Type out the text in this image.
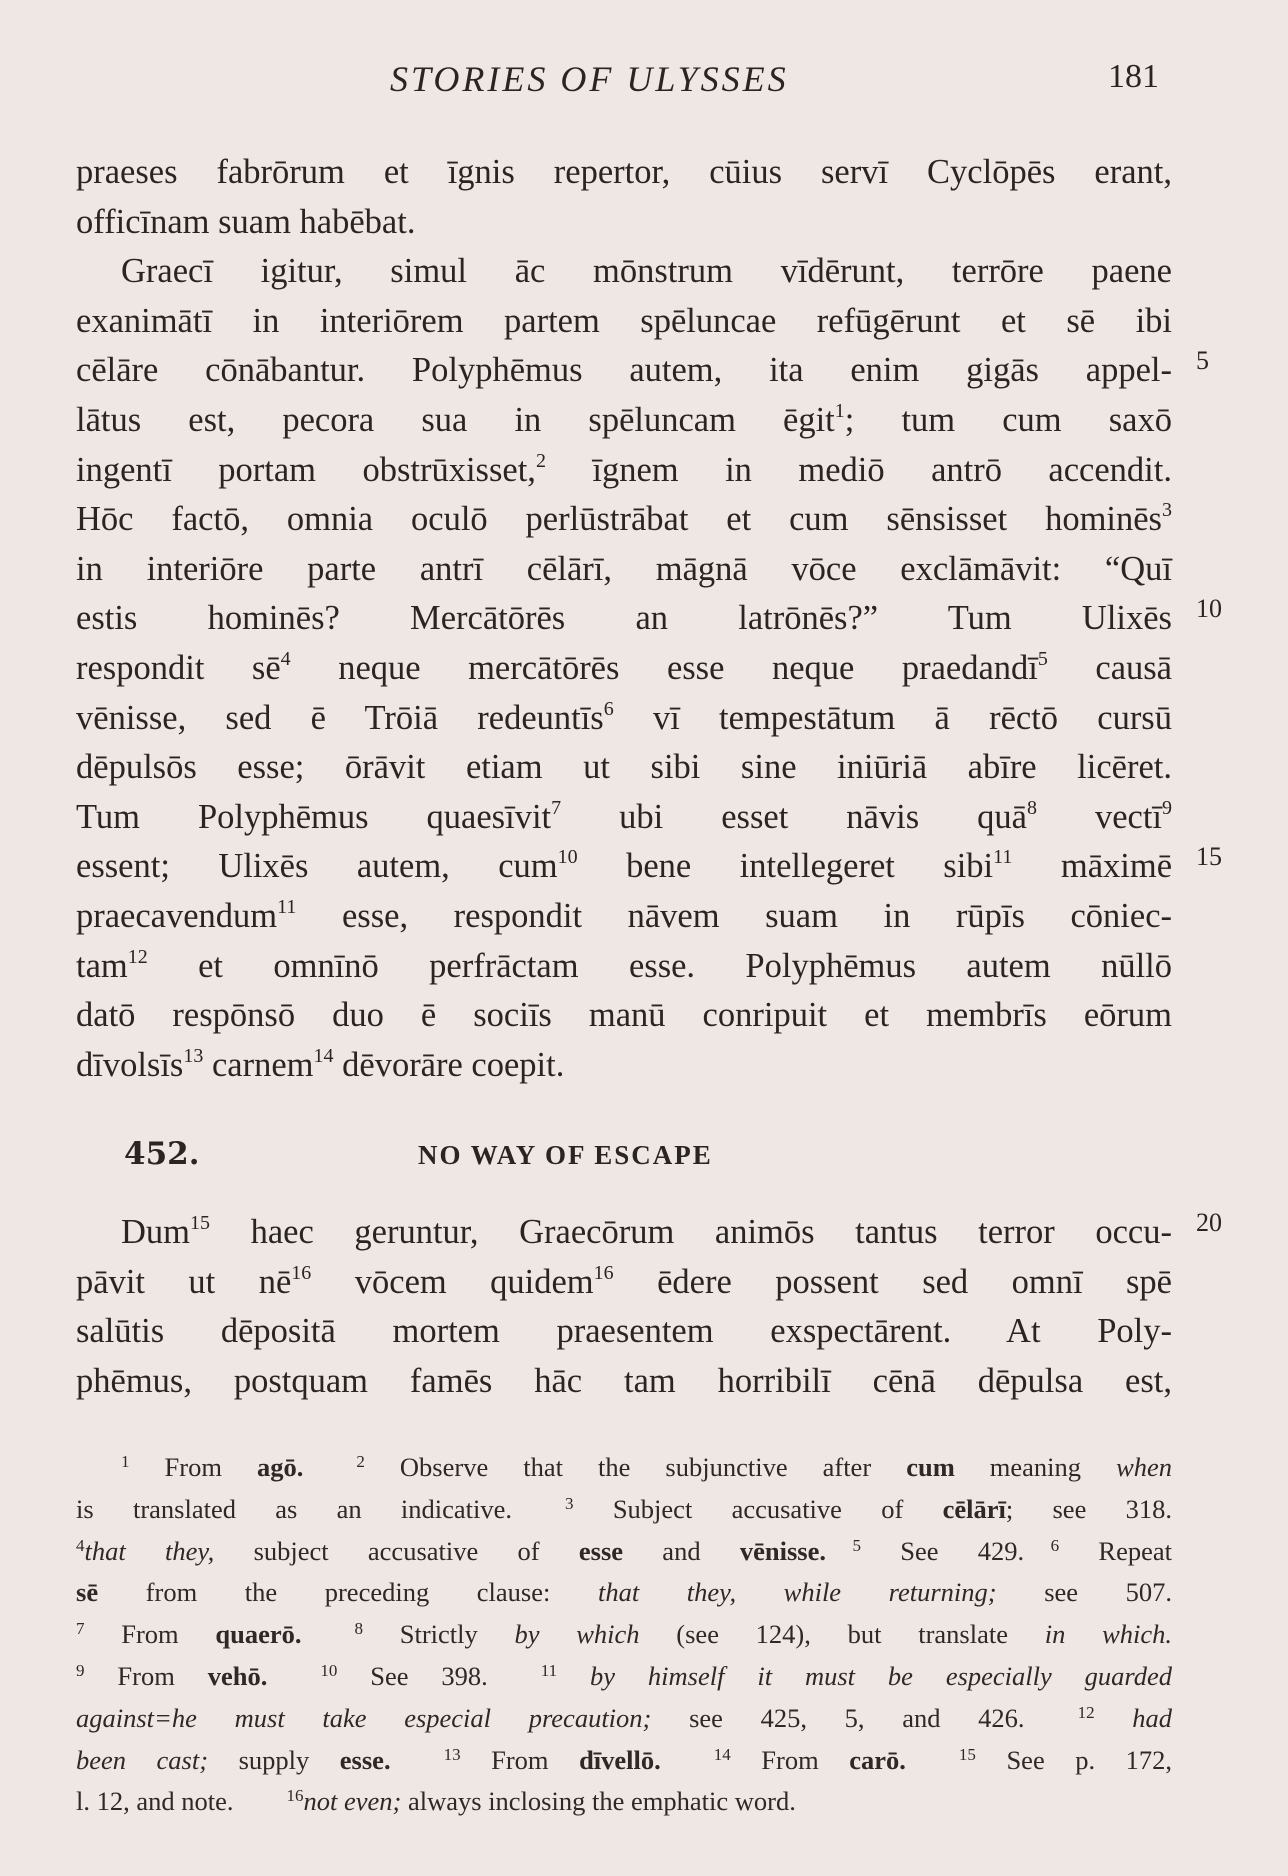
STORIES OF ULYSSES	181
praeses fabrōrum et īgnis repertor, cūius servī Cyclōpēs erant,
officīnam suam habēbat.
Graecī igitur, simul āc mōnstrum vīdērunt, terrōre paene
exanimātī in interiōrem partem spēluncae refūgērunt et sē ibi
cēlāre cōnābantur. Polyphēmus autem, ita enim gigās appel- 5
lātus est, pecora sua in spēluncam ēgit$^1$; tum cum saxō
ingentī portam obstrūxisset,$^2$ īgnem in mediō antrō accendit.
Hōc factō, omnia oculō perlūstrābat et cum sēnsisset hominēs$^3$
in interiōre parte antrī cēlārī, māgnā vōce exclāmāvit: “Quī
estis hominēs? Mercātōrēs an latrōnēs?” Tum Ulixēs 10
respondit $sē^4$ neque mercātōrēs esse neque praedandī$^5$ causā
vēnisse, sed ē Trōiā redeuntīs$^6$ vī tempestātum ā rēctō cursū
dēpulsōs esse; ōrāvit etiam ut sibi sine iniūriā abīre licēret.
Tum Polyphēmus quaesīvit$^7$ ubi esset nāvis quā$^8$ vectī$^9$
essent; Ulixēs autem, cum$^{10}$ bene intellegeret sibi$^{11}$ māximē 15
praecavendum$^{11}$ esse, respondit nāvem suam in rūpīs cōniec-
tam$^{12}$ et omnīnō perfrāctam esse. Polyphēmus autem nūllō
datō respōnsō duo ē sociīs manū conripuit et membrīs eōrum
dīvolsīs$^{13}$ carnem$^{14}$ dēvorāre coepit.
452.	NO WAY OF ESCAPE
Dum$^{15}$ haec geruntur, Graecōrum animōs tantus terror occu- 20
pāvit ut $nē^{16}$ vōcem quidem$^{16}$ ēdere possent sed omnī spē
salūtis dēpositā mortem praesentem exspectārent. At Poly-
phēmus, postquam famēs hāc tam horribilī cēnā dēpulsa est,
$^1$ From agō.  	$^2$ Observe that the subjunctive after cum meaning when
is translated as an indicative.  	$^3$ Subject accusative of cēlārī; see 318.
$^4$that they, subject accusative of esse and vēnisse.  $^5$ See 429.  $^6$ Repeat
sē from the preceding clause: that they, while returning; see 507.
$^7$ From quaerō.  	$^8$ Strictly by which (see 124), but translate in which.
$^9$ From vehō.  	$^{10}$ See 398.  	$^{11}$ by himself it must be especially guarded
against=he must take especial precaution; see 425, 5, and 426.  	$^{12}$ had
been cast; supply esse.  	$^{13}$ From dīvellō.  	$^{14}$ From carō.  	$^{15}$ See p. 172,
l. 12, and note.  	$^{16}$not even; always inclosing the emphatic word.
